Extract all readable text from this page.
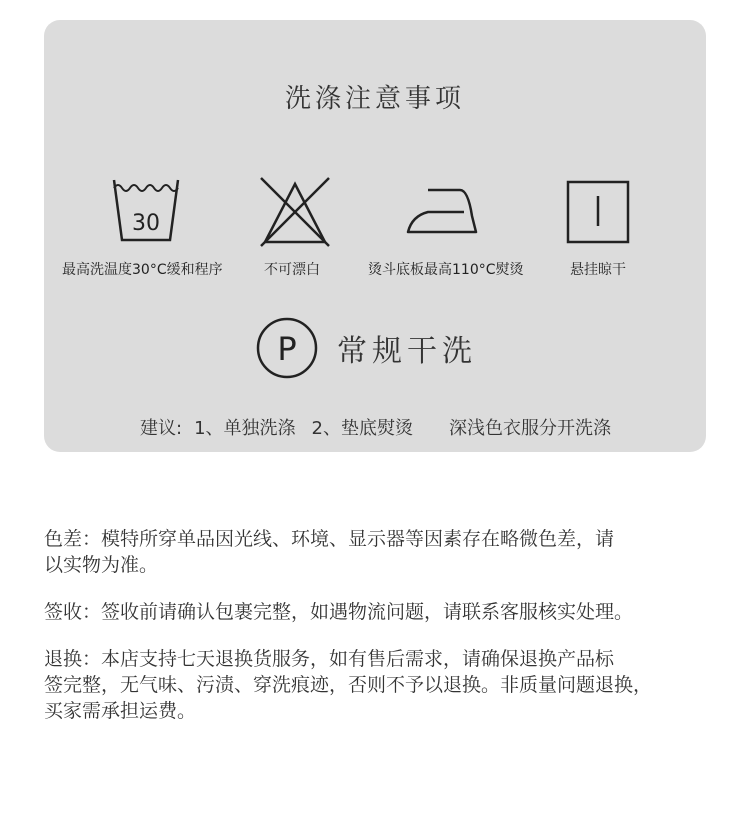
洗涤注意事项
30
最高洗温度30°C缓和程序	不可漂白	烫斗底板最高110°C熨烫	悬挂晾干
P 常规干洗
建议: 1、单独洗涤 2、垫底熨烫 深浅色衣服分开洗涤
色差：模特所穿单品因光线、环境、显示器等因素存在略微色差，请
以实物为准。
签收：签收前请确认包裹完整，如遇物流问题，请联系客服核实处理。
退换：本店支持七天退换货服务，如有售后需求，请确保退换产品标
签完整，无气味、污渍、穿洗痕迹，否则不予以退换。非质量问题退换，
买家需承担运费。
